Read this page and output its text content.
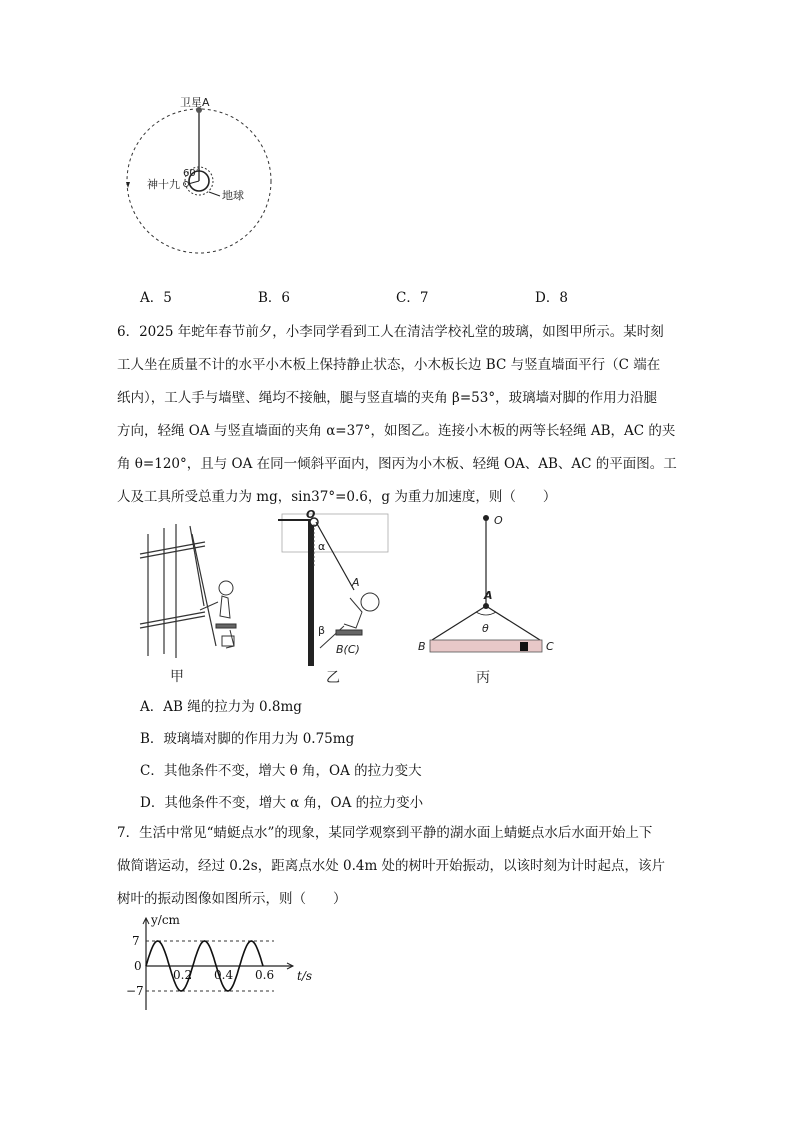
卫星A
神十九
地球
60°
A．5	B．6	C．7	D．8
6．2025 年蛇年春节前夕，小李同学看到工人在清洁学校礼堂的玻璃，如图甲所示。某时刻
工人坐在质量不计的水平小木板上保持静止状态，小木板长边 BC 与竖直墙面平行（C 端在
纸内），工人手与墙壁、绳均不接触，腿与竖直墙的夹角 β=53°，玻璃墙对脚的作用力沿腿
方向，轻绳 OA 与竖直墙面的夹角 α=37°，如图乙。连接小木板的两等长轻绳 AB，AC 的夹
角 θ=120°，且与 OA 在同一倾斜平面内，图丙为小木板、轻绳 OA、AB、AC 的平面图。工
人及工具所受总重力为 mg，sin37°=0.6，g 为重力加速度，则（　　）
甲
O
α
A
β
B(C)
乙
O
A
θ
B	C
丙
A．AB 绳的拉力为 0.8mg
B．玻璃墙对脚的作用力为 0.75mg
C．其他条件不变，增大 θ 角，OA 的拉力变大
D．其他条件不变，增大 α 角，OA 的拉力变小
7．生活中常见“蜻蜓点水”的现象，某同学观察到平静的湖水面上蜻蜓点水后水面开始上下
做简谐运动，经过 0.2s，距离点水处 0.4m 处的树叶开始振动，以该时刻为计时起点，该片
树叶的振动图像如图所示，则（　　）
y/cm
t/s
7
0
−7
0.2 0.4 0.6
